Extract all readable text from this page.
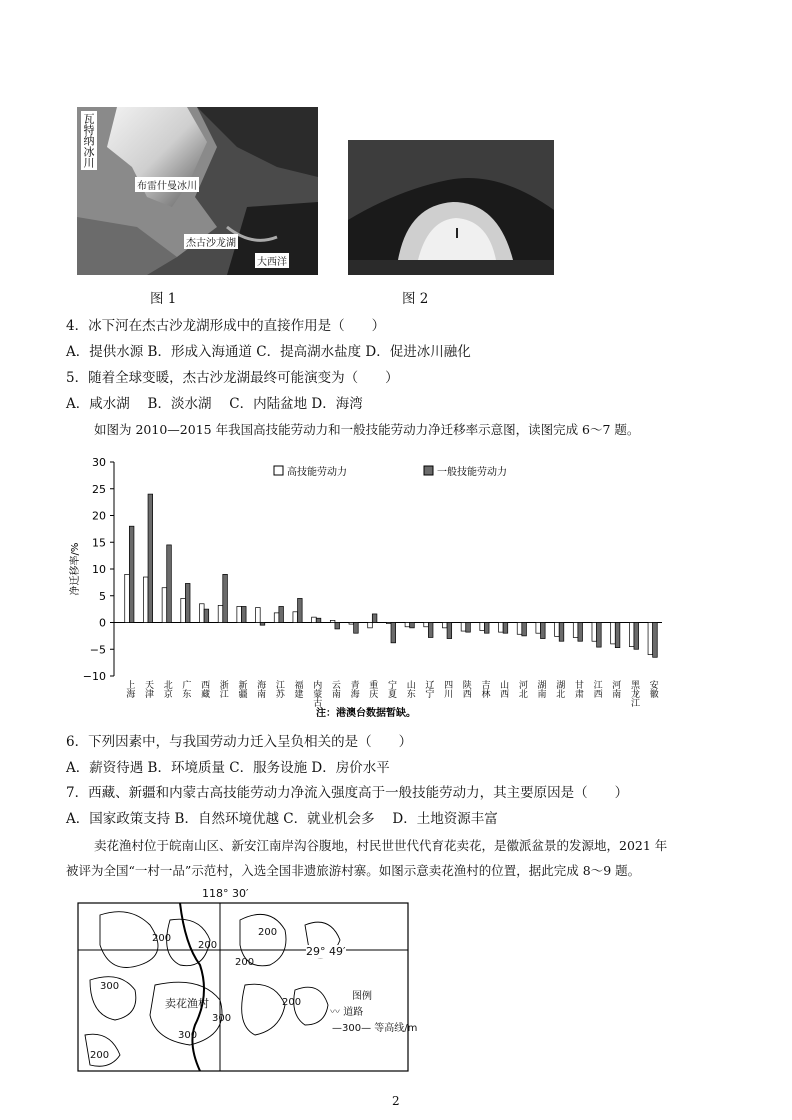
瓦特纳冰川
布雷什曼冰川
杰古沙龙湖
大西洋
图 1	图 2
4．冰下河在杰古沙龙湖形成中的直接作用是（　　）
A．提供水源 B．形成入海通道 C．提高湖水盐度 D．促进冰川融化
5．随着全球变暖，杰古沙龙湖最终可能演变为（　　）
A．咸水湖　 B．淡水湖　 C．内陆盆地 D．海湾
如图为 2010—2015 年我国高技能劳动力和一般技能劳动力净迁移率示意图，读图完成 6～7 题。
30
25
20
15
10
5
0
−5
−10
净迁移率/%
上海 天津 北京 广东 西藏 浙江 新疆 海南 江苏 福建 内蒙古 云南 青海 重庆 宁夏 山东 辽宁 四川 陕西 吉林 山西 河北 湖南 湖北 甘肃 江西 河南 黑龙江 安徽
高技能劳动力	一般技能劳动力
注：港澳台数据暂缺。
6．下列因素中，与我国劳动力迁入呈负相关的是（　　）
A．薪资待遇 B．环境质量 C．服务设施 D．房价水平
7．西藏、新疆和内蒙古高技能劳动力净流入强度高于一般技能劳动力，其主要原因是（　　）
A．国家政策支持 B．自然环境优越 C．就业机会多　 D．土地资源丰富
卖花渔村位于皖南山区、新安江南岸沟谷腹地，村民世世代代育花卖花，是徽派盆景的发源地，2021 年
被评为全国“一村一品”示范村，入选全国非遗旅游村寨。如图示意卖花渔村的位置，据此完成 8～9 题。
118° 30′
29° 49′
200
200
200
300
300
300
200
200
200
卖花渔村
图例
〰 道路
—300— 等高线/m
2
